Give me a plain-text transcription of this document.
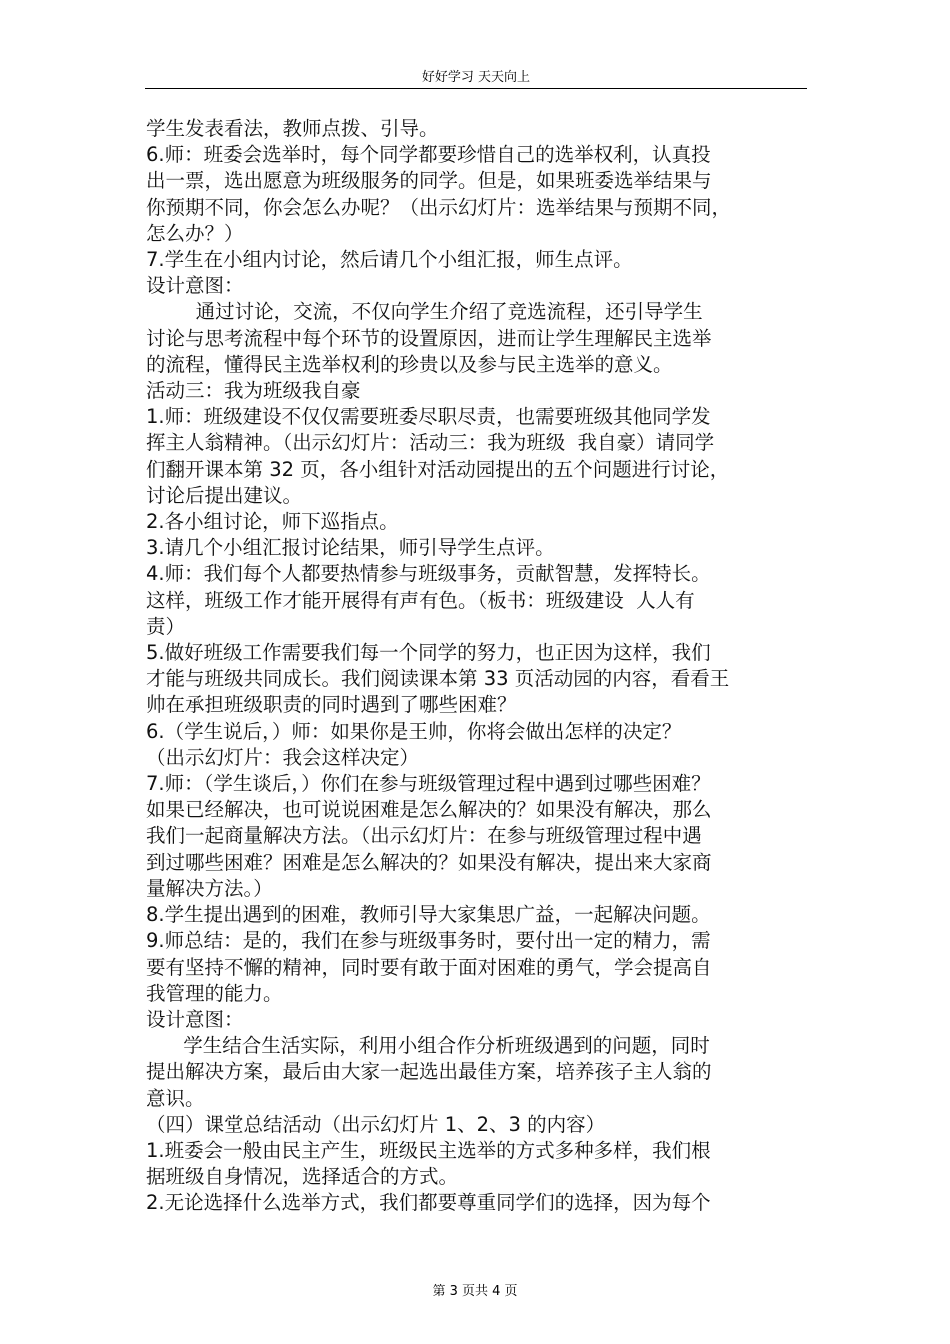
好好学习 天天向上
学生发表看法，教师点拨、引导。
6.师：班委会选举时，每个同学都要珍惜自己的选举权利，认真投
出一票，选出愿意为班级服务的同学。但是，如果班委选举结果与
你预期不同，你会怎么办呢？（出示幻灯片：选举结果与预期不同，
怎么办？）
7.学生在小组内讨论，然后请几个小组汇报，师生点评。
设计意图：
通过讨论，交流，不仅向学生介绍了竞选流程，还引导学生
讨论与思考流程中每个环节的设置原因，进而让学生理解民主选举
的流程，懂得民主选举权利的珍贵以及参与民主选举的意义。
活动三：我为班级我自豪
1.师：班级建设不仅仅需要班委尽职尽责，也需要班级其他同学发
挥主人翁精神。（出示幻灯片：活动三：我为班级  我自豪）请同学
们翻开课本第 32 页，各小组针对活动园提出的五个问题进行讨论，
讨论后提出建议。
2.各小组讨论，师下巡指点。
3.请几个小组汇报讨论结果，师引导学生点评。
4.师：我们每个人都要热情参与班级事务，贡献智慧，发挥特长。
这样，班级工作才能开展得有声有色。（板书：班级建设  人人有
责）
5.做好班级工作需要我们每一个同学的努力，也正因为这样，我们
才能与班级共同成长。我们阅读课本第 33 页活动园的内容，看看王
帅在承担班级职责的同时遇到了哪些困难？
6.（学生说后，）师：如果你是王帅，你将会做出怎样的决定？
（出示幻灯片：我会这样决定）
7.师：（学生谈后，）你们在参与班级管理过程中遇到过哪些困难？
如果已经解决，也可说说困难是怎么解决的？如果没有解决，那么
我们一起商量解决方法。（出示幻灯片：在参与班级管理过程中遇
到过哪些困难？困难是怎么解决的？如果没有解决，提出来大家商
量解决方法。）
8.学生提出遇到的困难，教师引导大家集思广益，一起解决问题。
9.师总结：是的，我们在参与班级事务时，要付出一定的精力，需
要有坚持不懈的精神，同时要有敢于面对困难的勇气，学会提高自
我管理的能力。
设计意图：
学生结合生活实际，利用小组合作分析班级遇到的问题，同时
提出解决方案，最后由大家一起选出最佳方案，培养孩子主人翁的
意识。
（四）课堂总结活动（出示幻灯片 1、2、3 的内容）
1.班委会一般由民主产生，班级民主选举的方式多种多样，我们根
据班级自身情况，选择适合的方式。
2.无论选择什么选举方式，我们都要尊重同学们的选择，因为每个
第 3 页共 4 页
